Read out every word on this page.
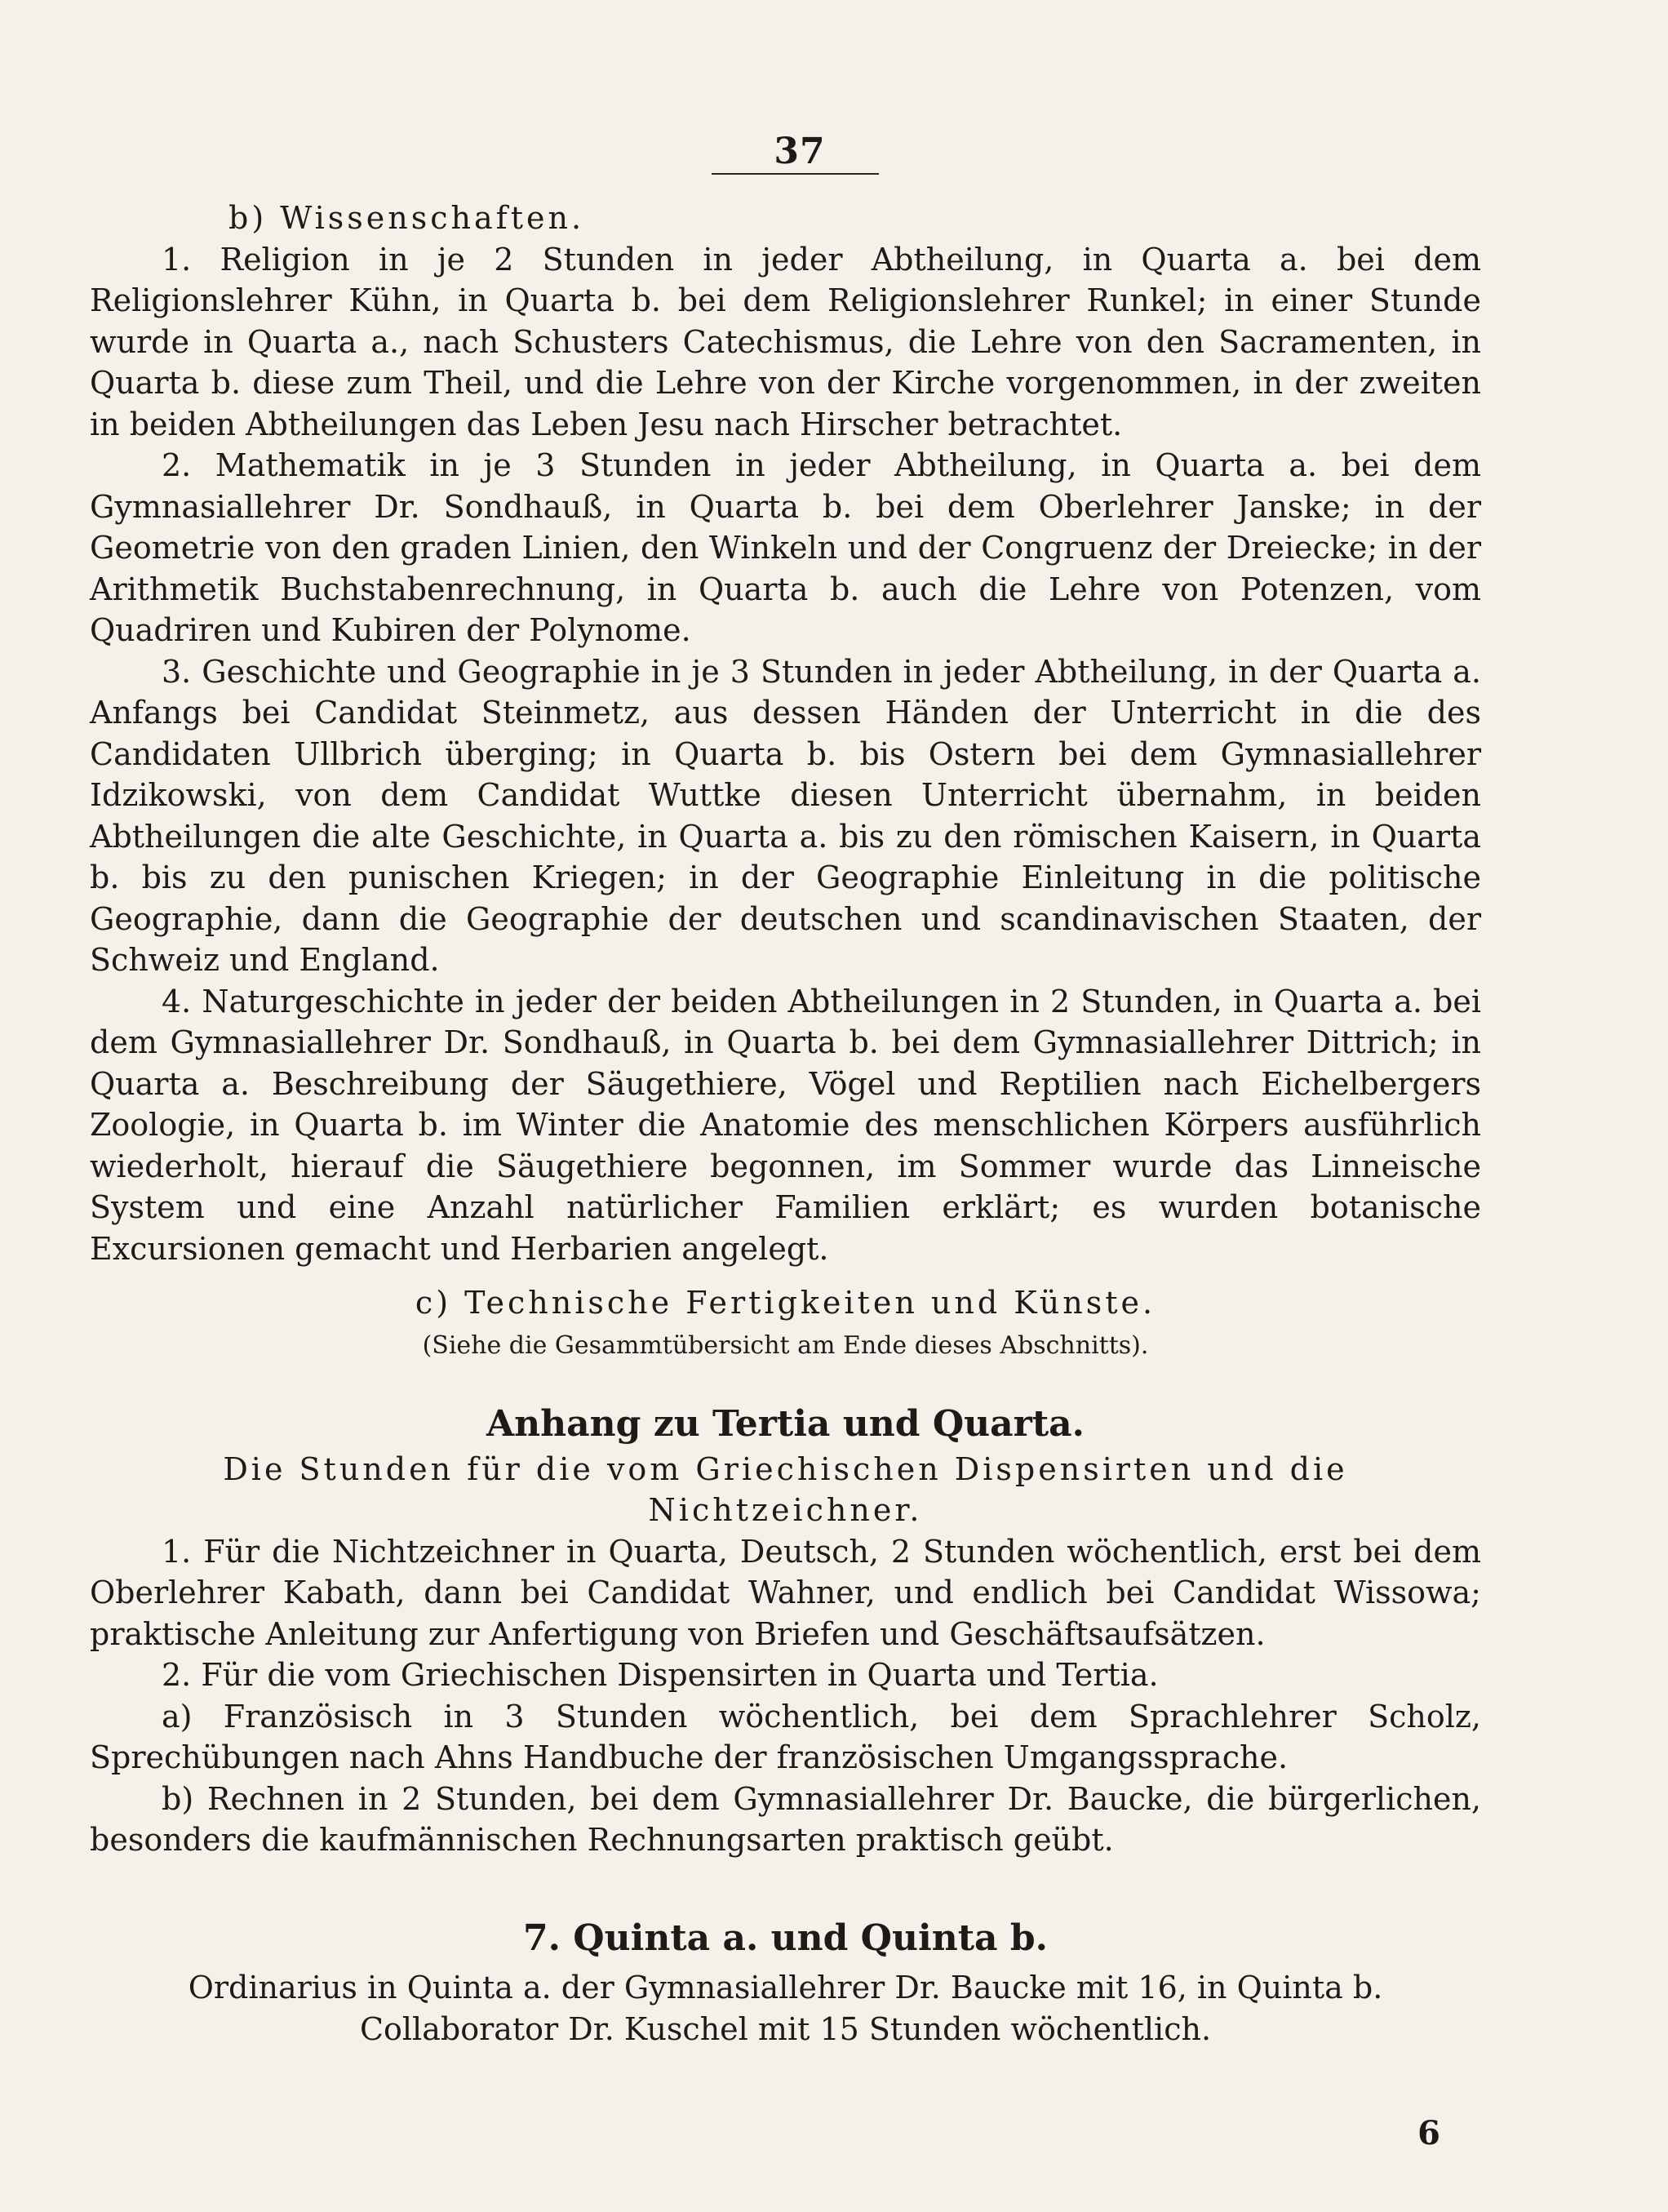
37

b) Wissenschaften.

1. Religion in je 2 Stunden in jeder Abtheilung, in Quarta a. bei dem Religionslehrer Kühn, in Quarta b. bei dem Religionslehrer Runkel; in einer Stunde wurde in Quarta a., nach Schusters Catechismus, die Lehre von den Sacramenten, in Quarta b. diese zum Theil, und die Lehre von der Kirche vorgenommen, in der zweiten in beiden Abtheilungen das Leben Jesu nach Hirscher betrachtet.

2. Mathematik in je 3 Stunden in jeder Abtheilung, in Quarta a. bei dem Gymnasiallehrer Dr. Sondhauß, in Quarta b. bei dem Oberlehrer Janske; in der Geometrie von den graden Linien, den Winkeln und der Congruenz der Dreiecke; in der Arithmetik Buchstabenrechnung, in Quarta b. auch die Lehre von Potenzen, vom Quadriren und Kubiren der Polynome.

3. Geschichte und Geographie in je 3 Stunden in jeder Abtheilung, in der Quarta a. Anfangs bei Candidat Steinmetz, aus dessen Händen der Unterricht in die des Candidaten Ullbrich überging; in Quarta b. bis Ostern bei dem Gymnasiallehrer Idzikowski, von dem Candidat Wuttke diesen Unterricht übernahm, in beiden Abtheilungen die alte Geschichte, in Quarta a. bis zu den römischen Kaisern, in Quarta b. bis zu den punischen Kriegen; in der Geographie Einleitung in die politische Geographie, dann die Geographie der deutschen und scandinavischen Staaten, der Schweiz und England.

4. Naturgeschichte in jeder der beiden Abtheilungen in 2 Stunden, in Quarta a. bei dem Gymnasiallehrer Dr. Sondhauß, in Quarta b. bei dem Gymnasiallehrer Dittrich; in Quarta a. Beschreibung der Säugethiere, Vögel und Reptilien nach Eichelbergers Zoologie, in Quarta b. im Winter die Anatomie des menschlichen Körpers ausführlich wiederholt, hierauf die Säugethiere begonnen, im Sommer wurde das Linneische System und eine Anzahl natürlicher Familien erklärt; es wurden botanische Excursionen gemacht und Herbarien angelegt.

c) Technische Fertigkeiten und Künste.

(Siehe die Gesammtübersicht am Ende dieses Abschnitts).

Anhang zu Tertia und Quarta.

Die Stunden für die vom Griechischen Dispensirten und die Nichtzeichner.

1. Für die Nichtzeichner in Quarta, Deutsch, 2 Stunden wöchentlich, erst bei dem Oberlehrer Kabath, dann bei Candidat Wahner, und endlich bei Candidat Wissowa; praktische Anleitung zur Anfertigung von Briefen und Geschäftsaufsätzen.

2. Für die vom Griechischen Dispensirten in Quarta und Tertia.

a) Französisch in 3 Stunden wöchentlich, bei dem Sprachlehrer Scholz, Sprechübungen nach Ahns Handbuche der französischen Umgangssprache.

b) Rechnen in 2 Stunden, bei dem Gymnasiallehrer Dr. Baucke, die bürgerlichen, besonders die kaufmännischen Rechnungsarten praktisch geübt.

7. Quinta a. und Quinta b.

Ordinarius in Quinta a. der Gymnasiallehrer Dr. Baucke mit 16, in Quinta b. Collaborator Dr. Kuschel mit 15 Stunden wöchentlich.

6
